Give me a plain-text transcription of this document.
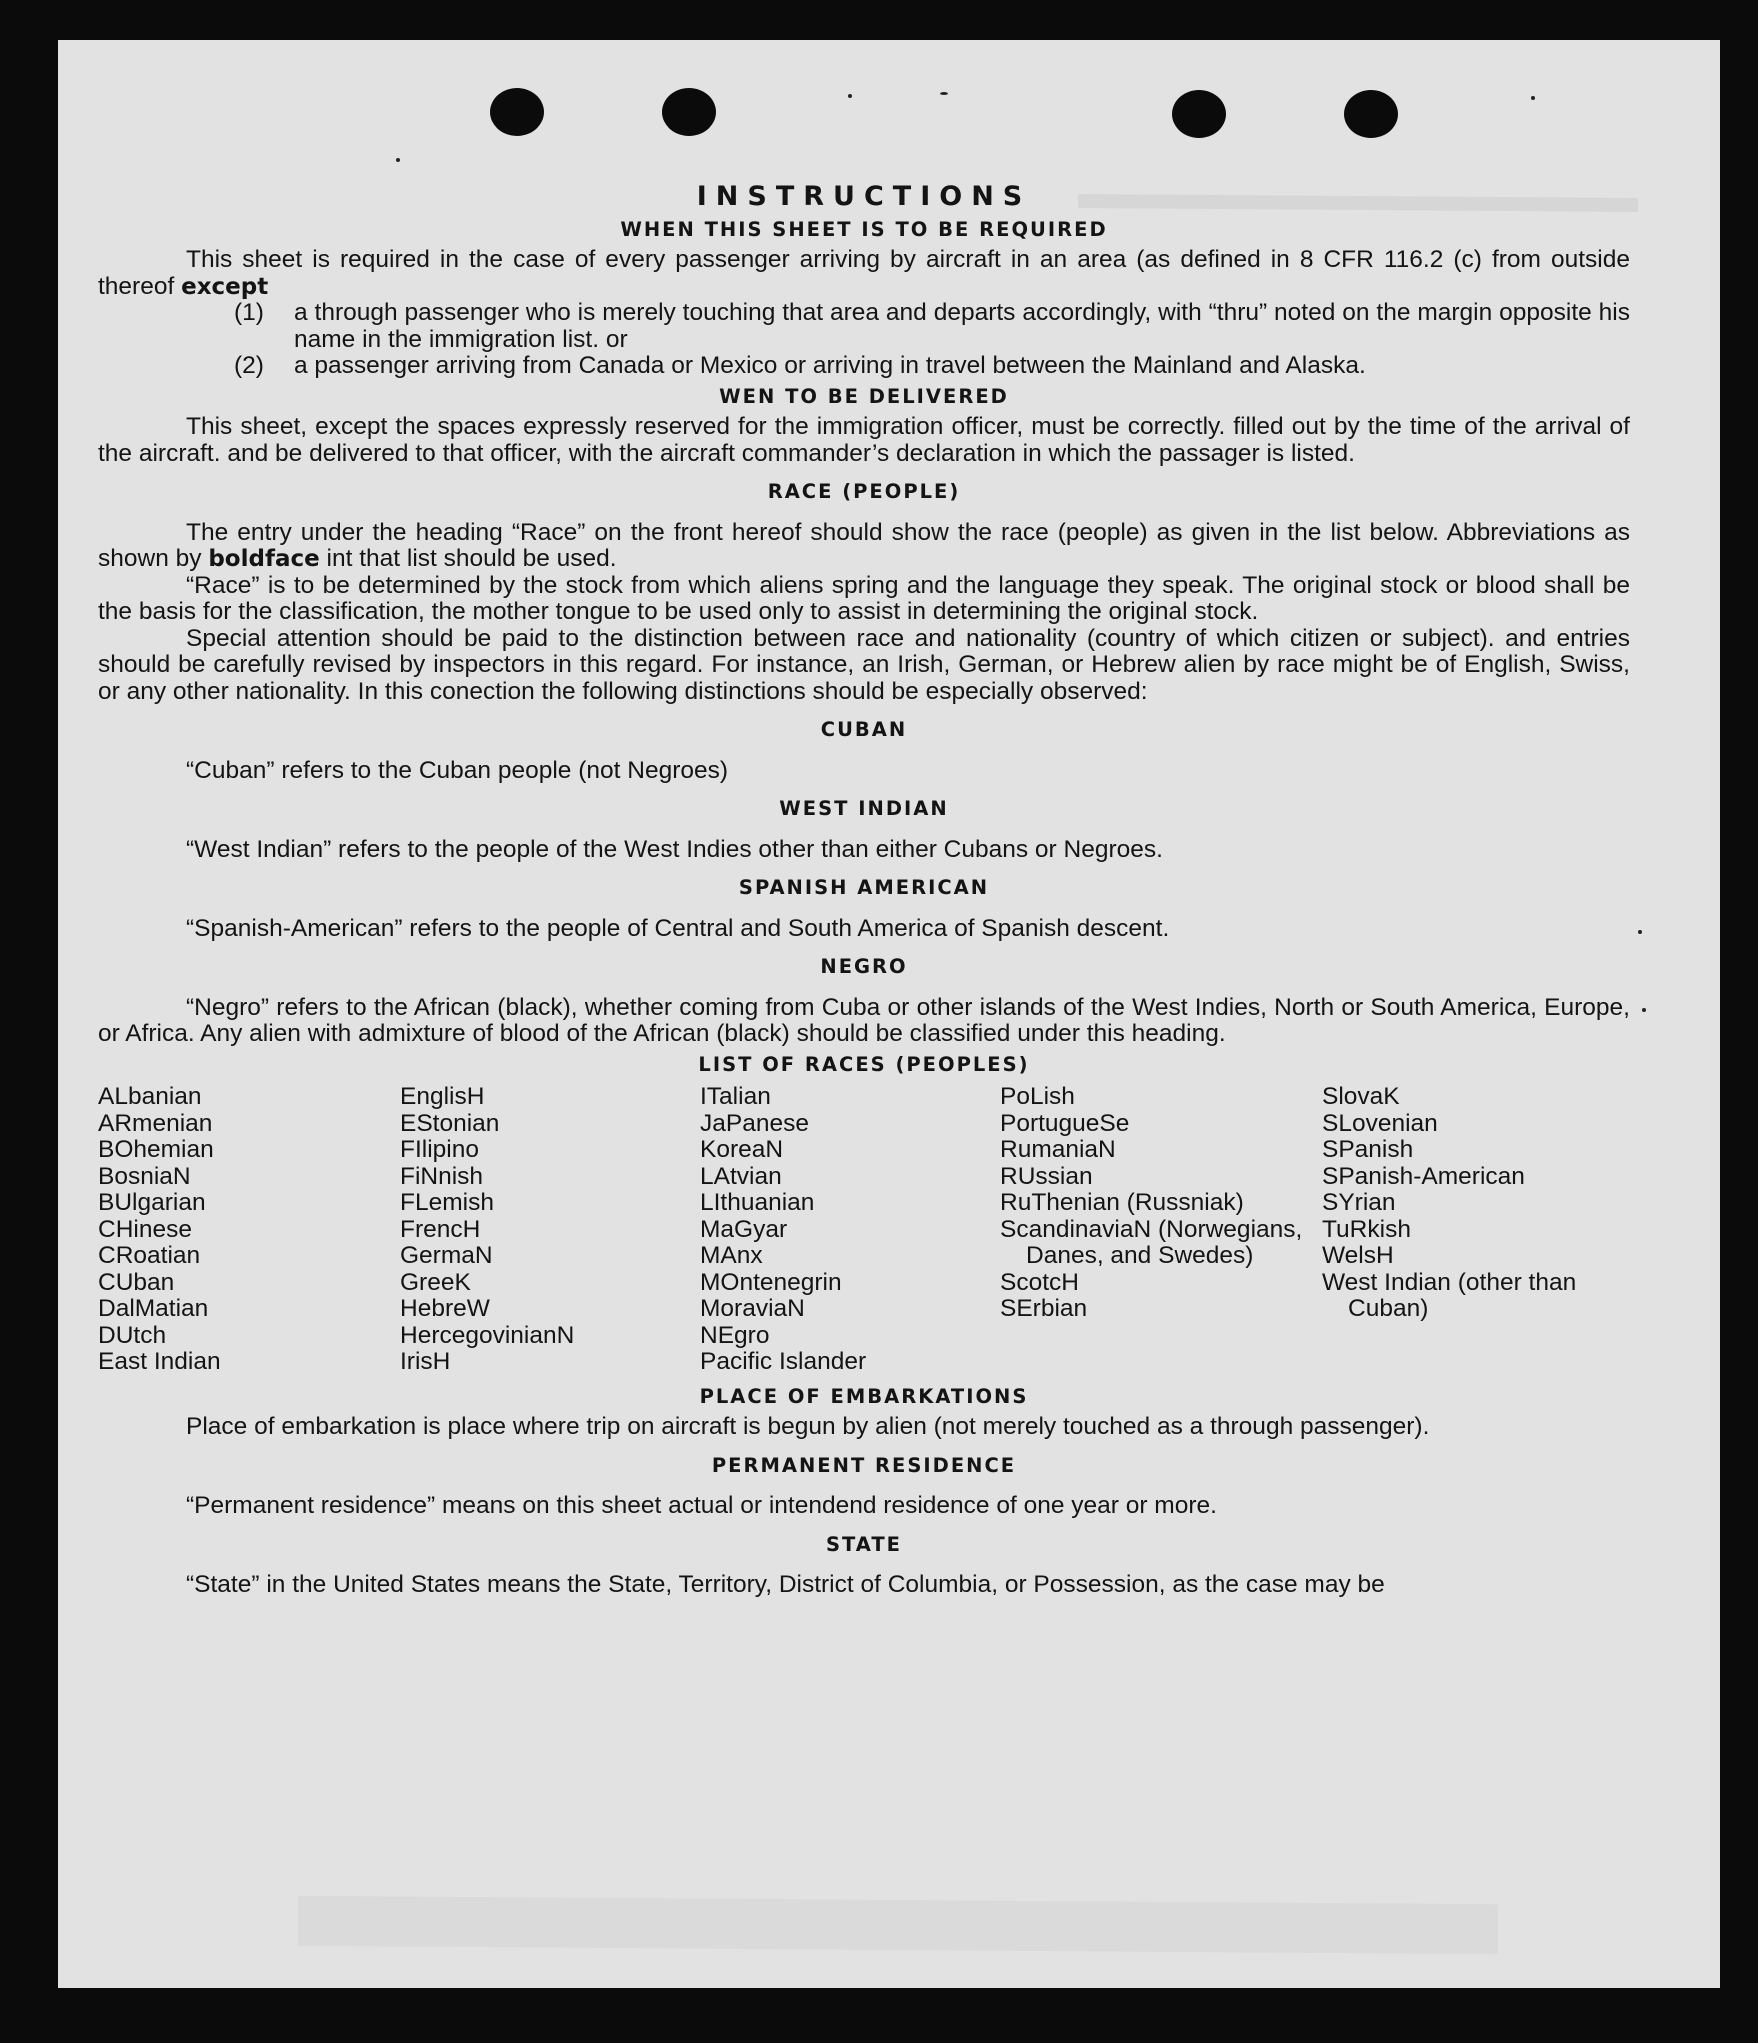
INSTRUCTIONS
WHEN THIS SHEET IS TO BE REQUIRED

This sheet is required in the case of every passenger arriving by aircraft in an area (as defined in 8 CFR 116.2 (c) from outside thereof except

(1) a through passenger who is merely touching that area and departs accordingly, with “thru” noted on the margin opposite his name in the immigration list. or

(2) a passenger arriving from Canada or Mexico or arriving in travel between the Mainland and Alaska.

WEN TO BE DELIVERED

This sheet, except the spaces expressly reserved for the immigration officer, must be correctly. filled out by the time of the arrival of the aircraft. and be delivered to that officer, with the aircraft commander’s declaration in which the passager is listed.

RACE (PEOPLE)

The entry under the heading “Race” on the front hereof should show the race (people) as given in the list below. Abbreviations as shown by boldface int that list should be used.

“Race” is to be determined by the stock from which aliens spring and the language they speak. The original stock or blood shall be the basis for the classification, the mother tongue to be used only to assist in determining the original stock.

Special attention should be paid to the distinction between race and nationality (country of which citizen or subject). and entries should be carefully revised by inspectors in this regard. For instance, an Irish, German, or Hebrew alien by race might be of English, Swiss, or any other nationality. In this conection the following distinctions should be especially observed:

CUBAN

“Cuban” refers to the Cuban people (not Negroes)

WEST INDIAN

“West Indian” refers to the people of the West Indies other than either Cubans or Negroes.

SPANISH AMERICAN

“Spanish-American” refers to the people of Central and South America of Spanish descent.

NEGRO

“Negro” refers to the African (black), whether coming from Cuba or other islands of the West Indies, North or South America, Europe, or Africa. Any alien with admixture of blood of the African (black) should be classified under this heading.

LIST OF RACES (PEOPLES)
ALbanian
ARmenian
BOhemian
BosniaN
BUlgarian
CHinese
CRoatian
CUban
DalMatian
DUtch
East Indian
EnglisH
EStonian
FIlipino
FiNnish
FLemish
FrencH
GermaN
GreeK
HebreW
HercegovinianN
IrisH
ITalian
JaPanese
KoreaN
LAtvian
LIthuanian
MaGyar
MAnx
MOntenegrin
MoraviaN
NEgro
Pacific Islander
PoLish
PortugueSe
RumaniaN
RUssian
RuThenian (Russniak)
ScandinaviaN (Norwegians, Danes, and Swedes)
ScotcH
SErbian
SlovaK
SLovenian
SPanish
SPanish-American
SYrian
TuRkish
WelsH
West Indian (other than Cuban)
PLACE OF EMBARKATIONS

Place of embarkation is place where trip on aircraft is begun by alien (not merely touched as a through passenger).

PERMANENT RESIDENCE

“Permanent residence” means on this sheet actual or intendend residence of one year or more.

STATE

“State” in the United States means the State, Territory, District of Columbia, or Possession, as the case may be
